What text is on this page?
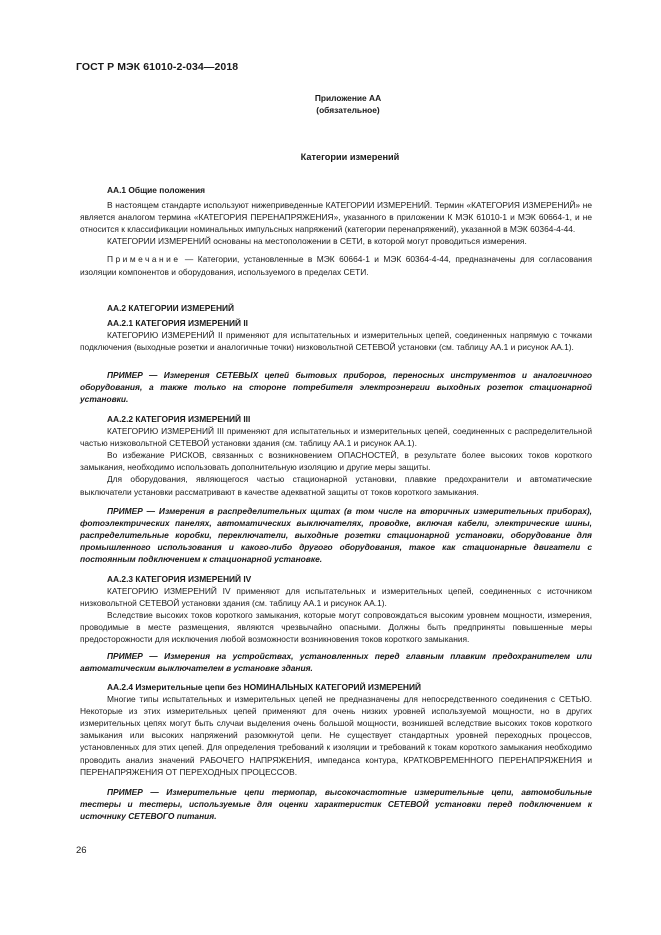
ГОСТ Р МЭК 61010-2-034—2018
Приложение АА
(обязательное)
Категории измерений

АА.1 Общие положения

В настоящем стандарте используют нижеприведенные КАТЕГОРИИ ИЗМЕРЕНИЙ. Термин «КАТЕГОРИЯ ИЗМЕРЕНИЙ» не является аналогом термина «КАТЕГОРИЯ ПЕРЕНАПРЯЖЕНИЯ», указанного в приложении К МЭК 61010-1 и МЭК 60664-1, и не относится к классификации номинальных импульсных напряжений (категории перенапряжений), указанной в МЭК 60364-4-44.

КАТЕГОРИИ ИЗМЕРЕНИЙ основаны на местоположении в СЕТИ, в которой могут проводиться измерения.

Примечание — Категории, установленные в МЭК 60664-1 и МЭК 60364-4-44, предназначены для согласования изоляции компонентов и оборудования, используемого в пределах СЕТИ.

АА.2 КАТЕГОРИИ ИЗМЕРЕНИЙ

АА.2.1 КАТЕГОРИЯ ИЗМЕРЕНИЙ II

КАТЕГОРИЮ ИЗМЕРЕНИЙ II применяют для испытательных и измерительных цепей, соединенных напрямую с точками подключения (выходные розетки и аналогичные точки) низковольтной СЕТЕВОЙ установки (см. таблицу АА.1 и рисунок АА.1).

ПРИМЕР — Измерения СЕТЕВЫХ цепей бытовых приборов, переносных инструментов и аналогичного оборудования, а также только на стороне потребителя электроэнергии выходных розеток стационарной установки.

АА.2.2 КАТЕГОРИЯ ИЗМЕРЕНИЙ III

КАТЕГОРИЮ ИЗМЕРЕНИЙ III применяют для испытательных и измерительных цепей, соединенных с распределительной частью низковольтной СЕТЕВОЙ установки здания (см. таблицу АА.1 и рисунок АА.1).

Во избежание РИСКОВ, связанных с возникновением ОПАСНОСТЕЙ, в результате более высоких токов короткого замыкания, необходимо использовать дополнительную изоляцию и другие меры защиты.

Для оборудования, являющегося частью стационарной установки, плавкие предохранители и автоматические выключатели установки рассматривают в качестве адекватной защиты от токов короткого замыкания.

ПРИМЕР — Измерения в распределительных щитах (в том числе на вторичных измерительных приборах), фотоэлектрических панелях, автоматических выключателях, проводке, включая кабели, электрические шины, распределительные коробки, переключатели, выходные розетки стационарной установки, оборудование для промышленного использования и какого-либо другого оборудования, такое как стационарные двигатели с постоянным подключением к стационарной установке.

АА.2.3 КАТЕГОРИЯ ИЗМЕРЕНИЙ IV

КАТЕГОРИЮ ИЗМЕРЕНИЙ IV применяют для испытательных и измерительных цепей, соединенных с источником низковольтной СЕТЕВОЙ установки здания (см. таблицу АА.1 и рисунок АА.1).

Вследствие высоких токов короткого замыкания, которые могут сопровождаться высоким уровнем мощности, измерения, проводимые в месте размещения, являются чрезвычайно опасными. Должны быть предприняты повышенные меры предосторожности для исключения любой возможности возникновения токов короткого замыкания.

ПРИМЕР — Измерения на устройствах, установленных перед главным плавким предохранителем или автоматическим выключателем в установке здания.

АА.2.4 Измерительные цепи без НОМИНАЛЬНЫХ КАТЕГОРИЙ ИЗМЕРЕНИЙ

Многие типы испытательных и измерительных цепей не предназначены для непосредственного соединения с СЕТЬЮ. Некоторые из этих измерительных цепей применяют для очень низких уровней используемой мощности, но в других измерительных цепях могут быть случаи выделения очень большой мощности, возникшей вследствие высоких токов короткого замыкания или высоких напряжений разомкнутой цепи. Не существует стандартных уровней переходных процессов, установленных для этих цепей. Для определения требований к изоляции и требований к токам короткого замыкания необходимо проводить анализ значений РАБОЧЕГО НАПРЯЖЕНИЯ, импеданса контура, КРАТКОВРЕМЕННОГО ПЕРЕНАПРЯЖЕНИЯ и ПЕРЕНАПРЯЖЕНИЯ ОТ ПЕРЕХОДНЫХ ПРОЦЕССОВ.

ПРИМЕР — Измерительные цепи термопар, высокочастотные измерительные цепи, автомобильные тестеры и тестеры, используемые для оценки характеристик СЕТЕВОЙ установки перед подключением к источнику СЕТЕВОГО питания.

26
